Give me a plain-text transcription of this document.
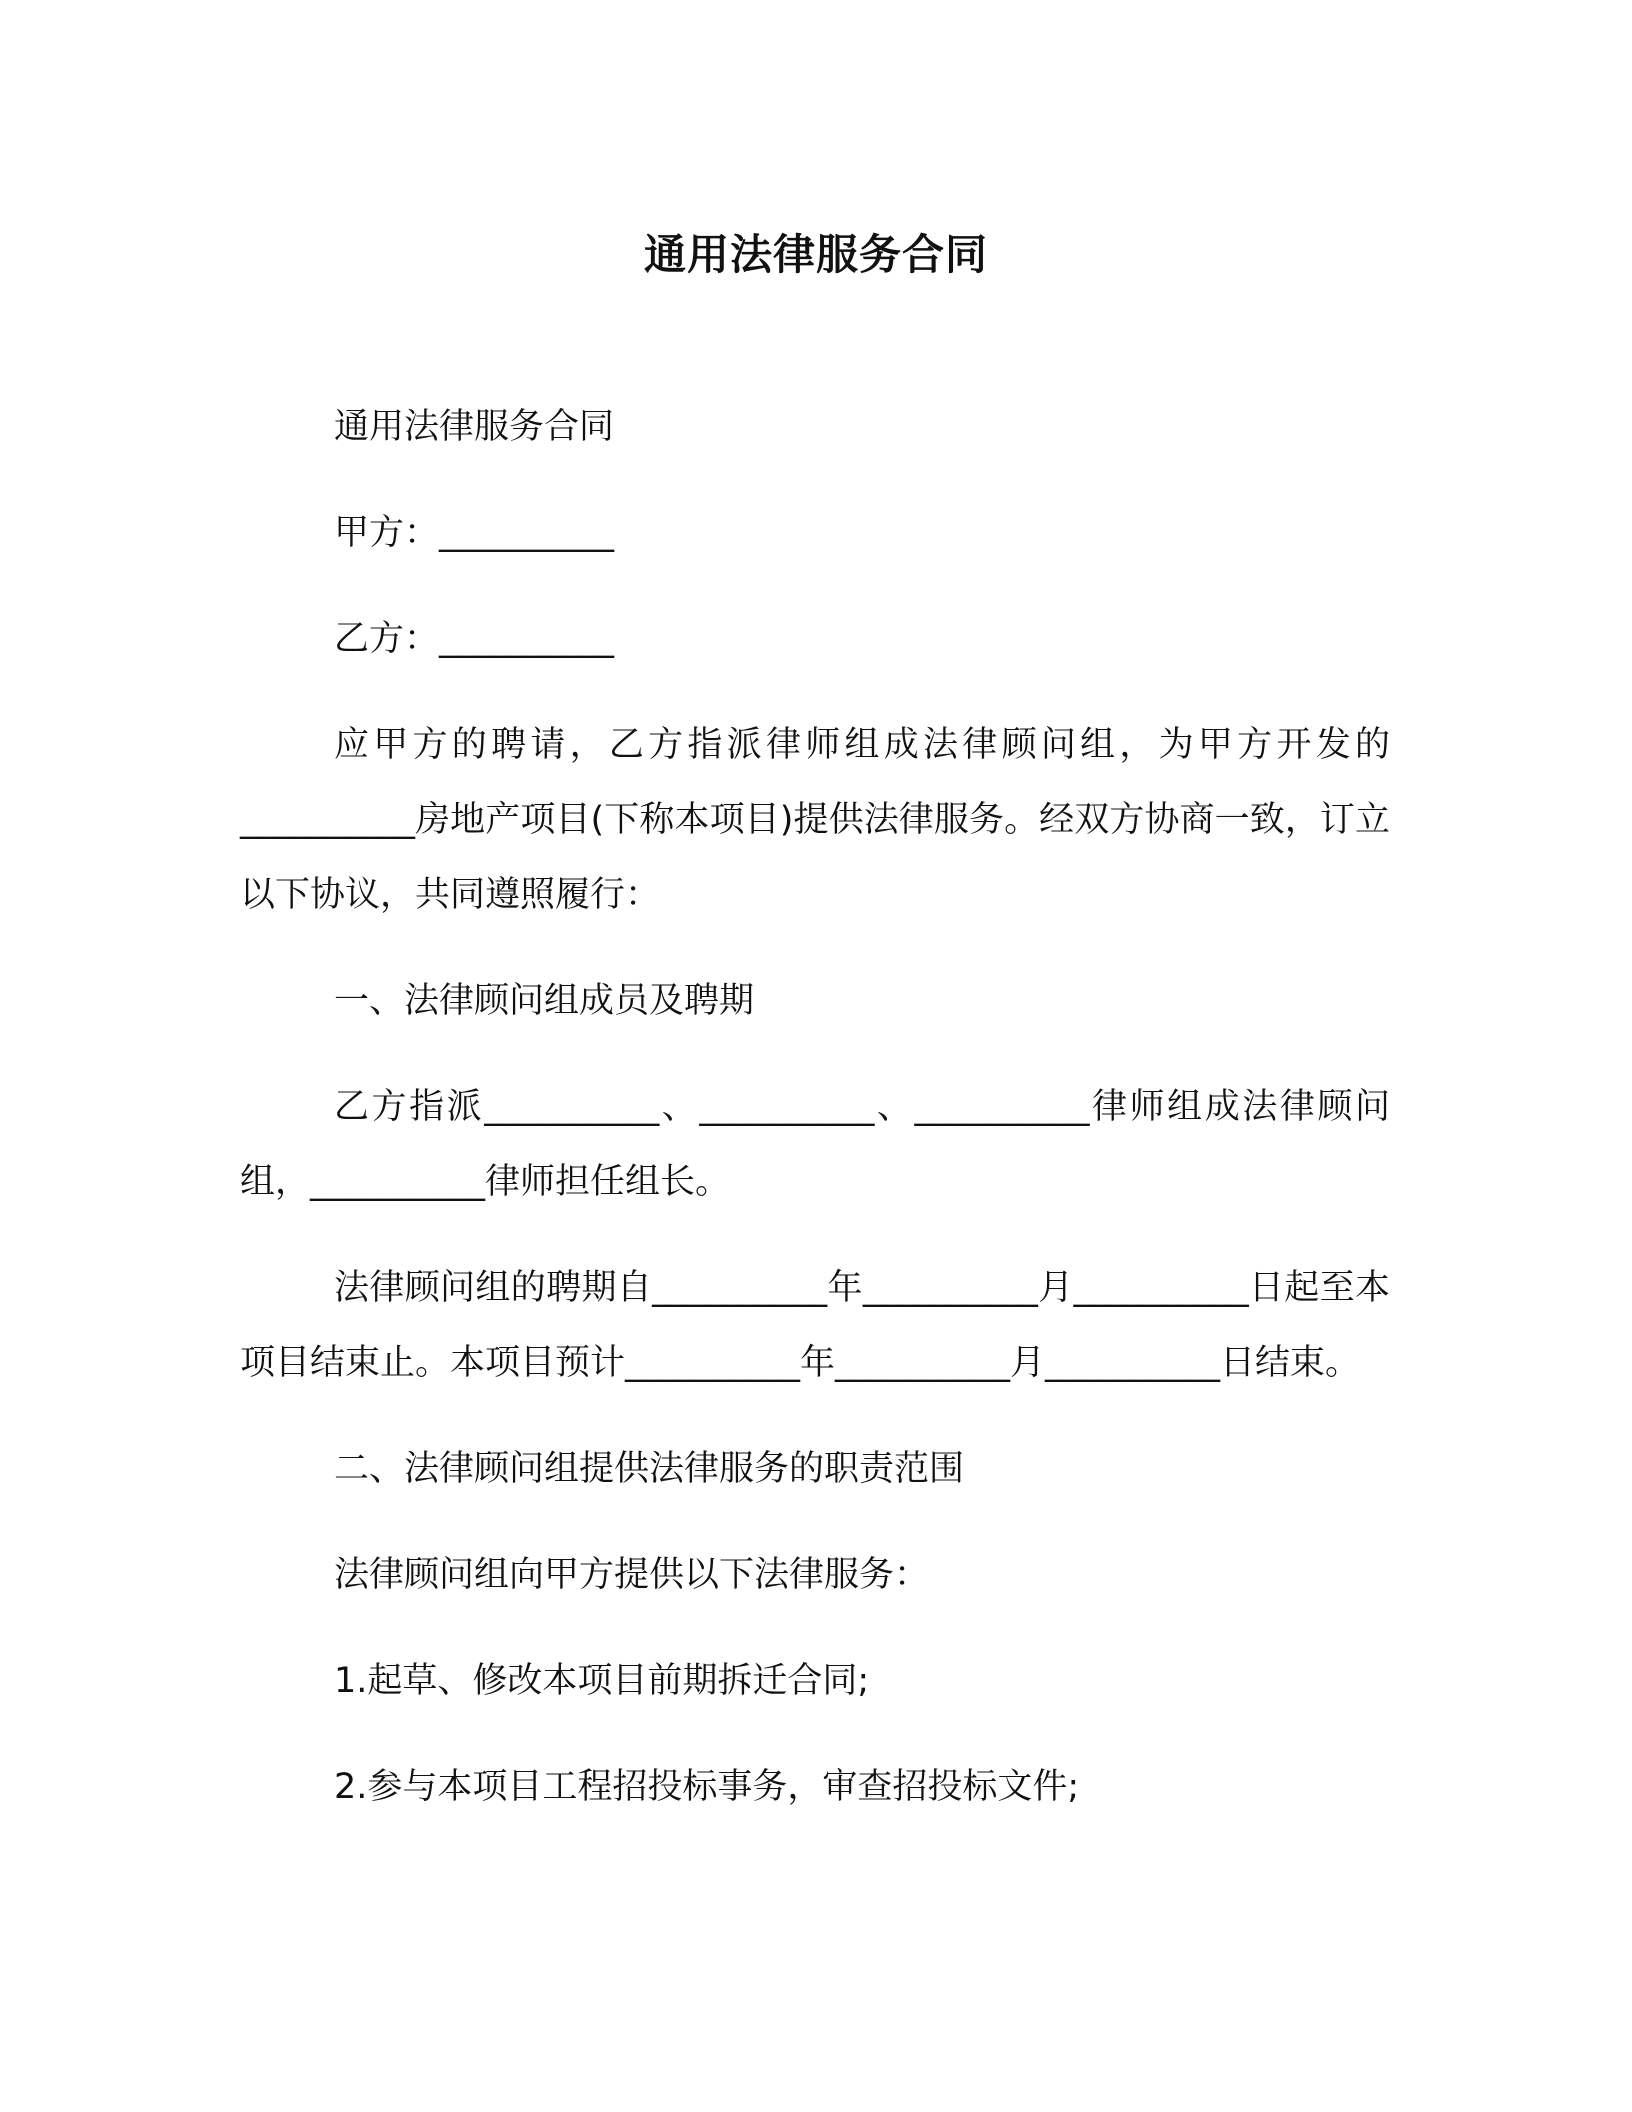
通用法律服务合同

通用法律服务合同

甲方：__________

乙方：__________

应甲方的聘请，乙方指派律师组成法律顾问组，为甲方开发的__________房地产项目(下称本项目)提供法律服务。经双方协商一致，订立以下协议，共同遵照履行：

一、法律顾问组成员及聘期

乙方指派__________、__________、__________律师组成法律顾问组，__________律师担任组长。

法律顾问组的聘期自__________年__________月__________日起至本项目结束止。本项目预计__________年__________月__________日结束。

二、法律顾问组提供法律服务的职责范围

法律顾问组向甲方提供以下法律服务：

1.起草、修改本项目前期拆迁合同;

2.参与本项目工程招投标事务，审查招投标文件;
